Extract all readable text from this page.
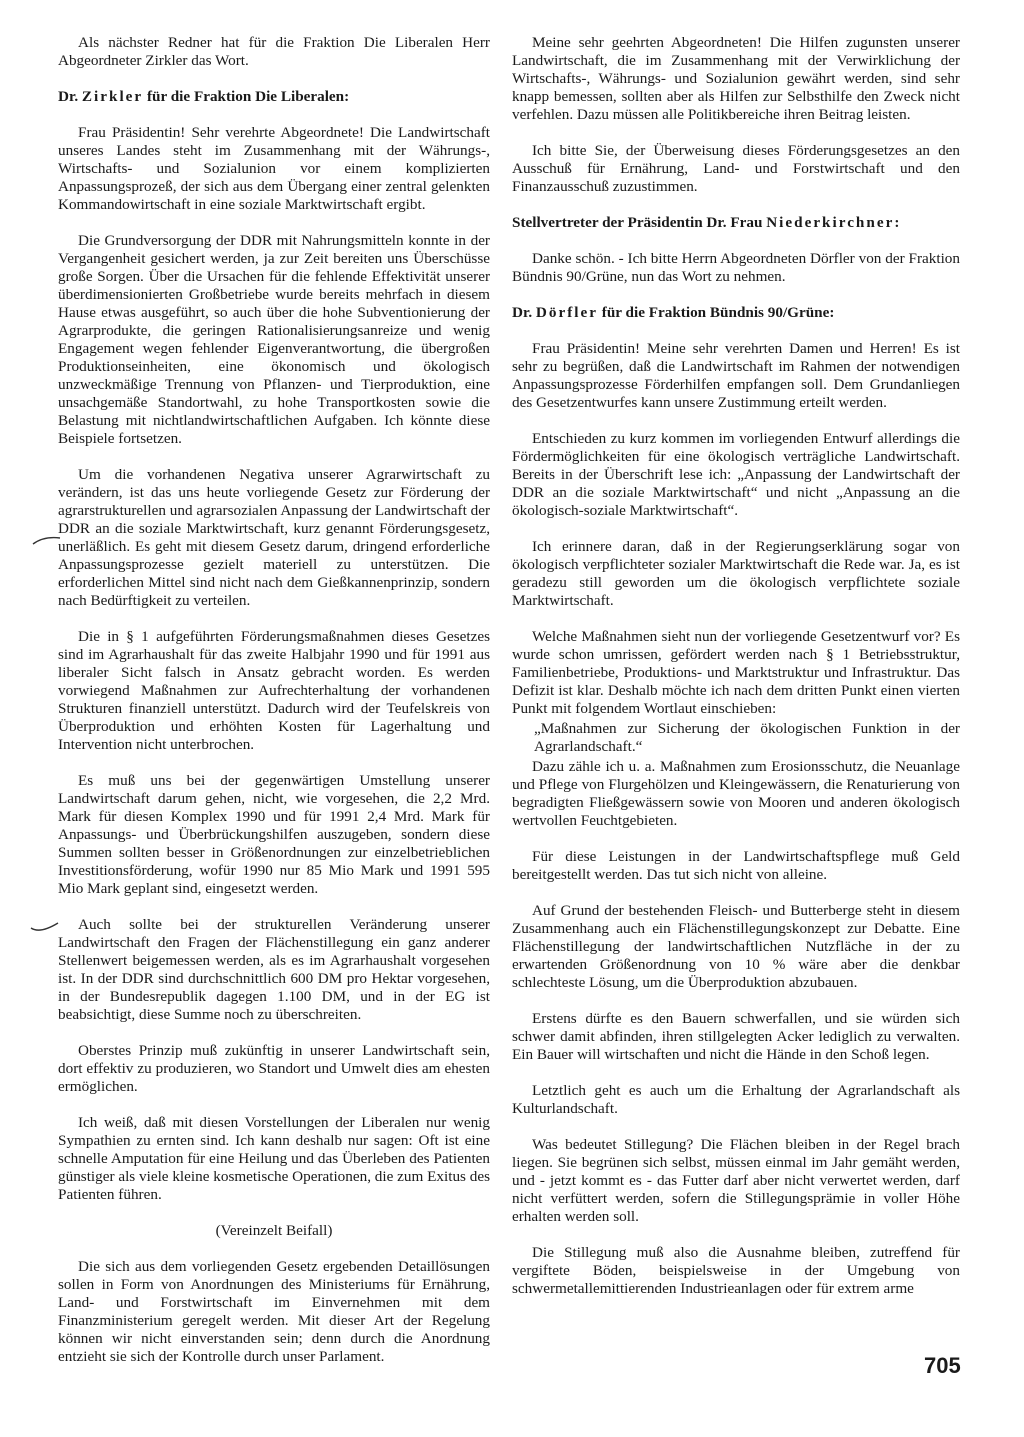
Als nächster Redner hat für die Fraktion Die Liberalen Herr Abgeordneter Zirkler das Wort.

Dr. Zirkler für die Fraktion Die Liberalen:

Frau Präsidentin! Sehr verehrte Abgeordnete! Die Landwirtschaft unseres Landes steht im Zusammenhang mit der Währungs-, Wirtschafts- und Sozialunion vor einem komplizierten Anpassungsprozeß, der sich aus dem Übergang einer zentral gelenkten Kommandowirtschaft in eine soziale Marktwirtschaft ergibt.

Die Grundversorgung der DDR mit Nahrungsmitteln konnte in der Vergangenheit gesichert werden, ja zur Zeit bereiten uns Überschüsse große Sorgen. Über die Ursachen für die fehlende Effektivität unserer überdimensionierten Großbetriebe wurde bereits mehrfach in diesem Hause etwas ausgeführt, so auch über die hohe Subventionierung der Agrarprodukte, die geringen Rationalisierungsanreize und wenig Engagement wegen fehlender Eigenverantwortung, die übergroßen Produktionseinheiten, eine ökonomisch und ökologisch unzweckmäßige Trennung von Pflanzen- und Tierproduktion, eine unsachgemäße Standortwahl, zu hohe Transportkosten sowie die Belastung mit nichtlandwirtschaftlichen Aufgaben. Ich könnte diese Beispiele fortsetzen.

Um die vorhandenen Negativa unserer Agrarwirtschaft zu verändern, ist das uns heute vorliegende Gesetz zur Förderung der agrarstrukturellen und agrarsozialen Anpassung der Landwirtschaft der DDR an die soziale Marktwirtschaft, kurz genannt Förderungsgesetz, unerläßlich. Es geht mit diesem Gesetz darum, dringend erforderliche Anpassungsprozesse gezielt materiell zu unterstützen. Die erforderlichen Mittel sind nicht nach dem Gießkannenprinzip, sondern nach Bedürftigkeit zu verteilen.

Die in § 1 aufgeführten Förderungsmaßnahmen dieses Gesetzes sind im Agrarhaushalt für das zweite Halbjahr 1990 und für 1991 aus liberaler Sicht falsch in Ansatz gebracht worden. Es werden vorwiegend Maßnahmen zur Aufrechterhaltung der vorhandenen Strukturen finanziell unterstützt. Dadurch wird der Teufelskreis von Überproduktion und erhöhten Kosten für Lagerhaltung und Intervention nicht unterbrochen.

Es muß uns bei der gegenwärtigen Umstellung unserer Landwirtschaft darum gehen, nicht, wie vorgesehen, die 2,2 Mrd. Mark für diesen Komplex 1990 und für 1991 2,4 Mrd. Mark für Anpassungs- und Überbrückungshilfen auszugeben, sondern diese Summen sollten besser in Größenordnungen zur einzelbetrieblichen Investitionsförderung, wofür 1990 nur 85 Mio Mark und 1991 595 Mio Mark geplant sind, eingesetzt werden.

Auch sollte bei der strukturellen Veränderung unserer Landwirtschaft den Fragen der Flächenstillegung ein ganz anderer Stellenwert beigemessen werden, als es im Agrarhaushalt vorgesehen ist. In der DDR sind durchschnittlich 600 DM pro Hektar vorgesehen, in der Bundesrepublik dagegen 1.100 DM, und in der EG ist beabsichtigt, diese Summe noch zu überschreiten.

Oberstes Prinzip muß zukünftig in unserer Landwirtschaft sein, dort effektiv zu produzieren, wo Standort und Umwelt dies am ehesten ermöglichen.

Ich weiß, daß mit diesen Vorstellungen der Liberalen nur wenig Sympathien zu ernten sind. Ich kann deshalb nur sagen: Oft ist eine schnelle Amputation für eine Heilung und das Überleben des Patienten günstiger als viele kleine kosmetische Operationen, die zum Exitus des Patienten führen.

(Vereinzelt Beifall)

Die sich aus dem vorliegenden Gesetz ergebenden Detaillösungen sollen in Form von Anordnungen des Ministeriums für Ernährung, Land- und Forstwirtschaft im Einvernehmen mit dem Finanzministerium geregelt werden. Mit dieser Art der Regelung können wir nicht einverstanden sein; denn durch die Anordnung entzieht sie sich der Kontrolle durch unser Parlament.

Meine sehr geehrten Abgeordneten! Die Hilfen zugunsten unserer Landwirtschaft, die im Zusammenhang mit der Verwirklichung der Wirtschafts-, Währungs- und Sozialunion gewährt werden, sind sehr knapp bemessen, sollten aber als Hilfen zur Selbsthilfe den Zweck nicht verfehlen. Dazu müssen alle Politikbereiche ihren Beitrag leisten.

Ich bitte Sie, der Überweisung dieses Förderungsgesetzes an den Ausschuß für Ernährung, Land- und Forstwirtschaft und den Finanzausschuß zuzustimmen.

Stellvertreter der Präsidentin Dr. Frau Niederkirchner:

Danke schön. - Ich bitte Herrn Abgeordneten Dörfler von der Fraktion Bündnis 90/Grüne, nun das Wort zu nehmen.

Dr. Dörfler für die Fraktion Bündnis 90/Grüne:

Frau Präsidentin! Meine sehr verehrten Damen und Herren! Es ist sehr zu begrüßen, daß die Landwirtschaft im Rahmen der notwendigen Anpassungsprozesse Förderhilfen empfangen soll. Dem Grundanliegen des Gesetzentwurfes kann unsere Zustimmung erteilt werden.

Entschieden zu kurz kommen im vorliegenden Entwurf allerdings die Fördermöglichkeiten für eine ökologisch verträgliche Landwirtschaft. Bereits in der Überschrift lese ich: „Anpassung der Landwirtschaft der DDR an die soziale Marktwirtschaft“ und nicht „Anpassung an die ökologisch-soziale Marktwirtschaft“.

Ich erinnere daran, daß in der Regierungserklärung sogar von ökologisch verpflichteter sozialer Marktwirtschaft die Rede war. Ja, es ist geradezu still geworden um die ökologisch verpflichtete soziale Marktwirtschaft.

Welche Maßnahmen sieht nun der vorliegende Gesetzentwurf vor? Es wurde schon umrissen, gefördert werden nach § 1 Betriebsstruktur, Familienbetriebe, Produktions- und Marktstruktur und Infrastruktur. Das Defizit ist klar. Deshalb möchte ich nach dem dritten Punkt einen vierten Punkt mit folgendem Wortlaut einschieben:

„Maßnahmen zur Sicherung der ökologischen Funktion in der Agrarlandschaft.“

Dazu zähle ich u. a. Maßnahmen zum Erosionsschutz, die Neuanlage und Pflege von Flurgehölzen und Kleingewässern, die Renaturierung von begradigten Fließgewässern sowie von Mooren und anderen ökologisch wertvollen Feuchtgebieten.

Für diese Leistungen in der Landwirtschaftspflege muß Geld bereitgestellt werden. Das tut sich nicht von alleine.

Auf Grund der bestehenden Fleisch- und Butterberge steht in diesem Zusammenhang auch ein Flächenstillegungskonzept zur Debatte. Eine Flächenstillegung der landwirtschaftlichen Nutzfläche in der zu erwartenden Größenordnung von 10 % wäre aber die denkbar schlechteste Lösung, um die Überproduktion abzubauen.

Erstens dürfte es den Bauern schwerfallen, und sie würden sich schwer damit abfinden, ihren stillgelegten Acker lediglich zu verwalten. Ein Bauer will wirtschaften und nicht die Hände in den Schoß legen.

Letztlich geht es auch um die Erhaltung der Agrarlandschaft als Kulturlandschaft.

Was bedeutet Stillegung? Die Flächen bleiben in der Regel brach liegen. Sie begrünen sich selbst, müssen einmal im Jahr gemäht werden, und - jetzt kommt es - das Futter darf aber nicht verwertet werden, darf nicht verfüttert werden, sofern die Stillegungsprämie in voller Höhe erhalten werden soll.

Die Stillegung muß also die Ausnahme bleiben, zutreffend für vergiftete Böden, beispielsweise in der Umgebung von schwermetallemittierenden Industrieanlagen oder für extrem arme

705
